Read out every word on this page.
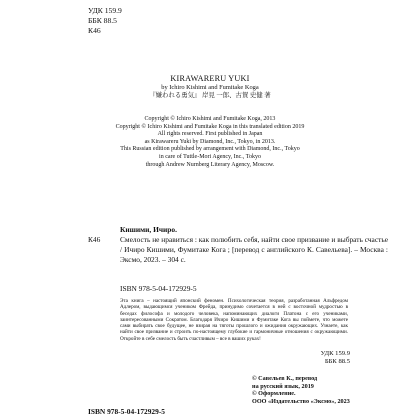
УДК 159.9
ББК 88.5
К46
KIRAWARERU YUKI
by Ichiro Kishimi and Fumitake Koga
『嫌われる勇気』 岸見 一郎、古賀 史健 著
Copyright © Ichiro Kishimi and Fumitake Koga, 2013
Copyright © Ichiro Kishimi and Fumitake Koga in this translated edition 2019
All rights reserved. First published in Japan
as Kirawareru Yuki by Diamond, Inc., Tokyo, in 2013.
This Russian edition published by arrangement with Diamond, Inc., Tokyo
in care of Tuttle-Mori Agency, Inc., Tokyo
through Andrew Nurnberg Literary Agency, Moscow.
Кишими, Ичиро.
К46	Смелость не нравиться : как полюбить себя, найти свое призвание и выбрать счастье / Ичиро Кишими, Фумитаке Кога ; [перевод с английского К. Савельева]. – Москва : Эксмо, 2023. – 304 с.
ISBN 978-5-04-172929-5
Эта книга – настоящий японский феномен. Психологическая теория, разработанная Альфредом Адлером, выдающимся учеником Фрейда, принудимо сочетается в ней с восточной мудростью в беседах философа и молодого человека, напоминающих диалоги Платона с его учениками, заинтересованными Сократом. Благодаря Ичиро Кишими и Фумитаке Кога вы поймете, что можете сами выбирать свое будущее, не взирая на тяготы прошлого и ожидания окружающих. Узнаете, как найти свое призвание и строить по-настоящему глубокие и гармоничные отношения с окружающими. Откройте в себе смелость быть счастливым – все в ваших руках!
УДК 159.9
ББК 88.5
© Савельев К., перевод
на русский язык, 2019
© Оформление.
ООО «Издательство «Эксмо», 2023
ISBN 978-5-04-172929-5
